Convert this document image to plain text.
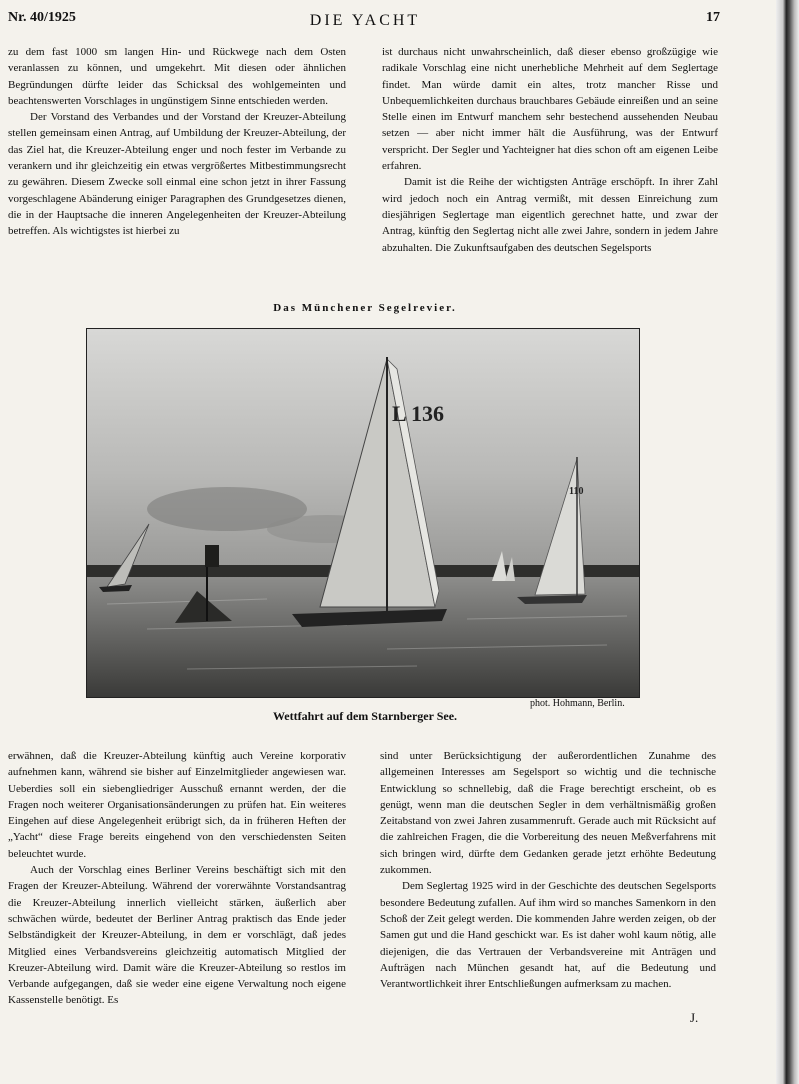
Nr. 40/1925	DIE YACHT	17

zu dem fast 1000 sm langen Hin- und Rückwege nach dem Osten veranlassen zu können, und umgekehrt. Mit diesen oder ähnlichen Begründungen dürfte leider das Schicksal des wohlgemeinten und beachtenswerten Vorschlages in ungünstigem Sinne entschieden werden.

Der Vorstand des Verbandes und der Vorstand der Kreuzer-Abteilung stellen gemeinsam einen Antrag, auf Umbildung der Kreuzer-Abteilung, der das Ziel hat, die Kreuzer-Abteilung enger und noch fester im Verbande zu verankern und ihr gleichzeitig ein etwas vergrößertes Mitbestimmungsrecht zu gewähren. Diesem Zwecke soll einmal eine schon jetzt in ihrer Fassung vorgeschlagene Abänderung einiger Paragraphen des Grundgesetzes dienen, die in der Hauptsache die inneren Angelegenheiten der Kreuzer-Abteilung betreffen. Als wichtigstes ist hierbei zu

ist durchaus nicht unwahrscheinlich, daß dieser ebenso großzügige wie radikale Vorschlag eine nicht unerhebliche Mehrheit auf dem Seglertage findet. Man würde damit ein altes, trotz mancher Risse und Unbequemlichkeiten durchaus brauchbares Gebäude einreißen und an seine Stelle einen im Entwurf manchem sehr bestechend aussehenden Neubau setzen — aber nicht immer hält die Ausführung, was der Entwurf verspricht. Der Segler und Yachteigner hat dies schon oft am eigenen Leibe erfahren.

Damit ist die Reihe der wichtigsten Anträge erschöpft. In ihrer Zahl wird jedoch noch ein Antrag vermißt, mit dessen Einreichung zum diesjährigen Seglertage man eigentlich gerechnet hatte, und zwar der Antrag, künftig den Seglertag nicht alle zwei Jahre, sondern in jedem Jahre abzuhalten. Die Zukunftsaufgaben des deutschen Segelsports

Das Münchener Segelrevier.
L 136
110
phot. Hohmann, Berlin.
Wettfahrt auf dem Starnberger See.

erwähnen, daß die Kreuzer-Abteilung künftig auch Vereine korporativ aufnehmen kann, während sie bisher auf Einzelmitglieder angewiesen war. Ueberdies soll ein siebengliedriger Ausschuß ernannt werden, der die Fragen noch weiterer Organisationsänderungen zu prüfen hat. Ein weiteres Eingehen auf diese Angelegenheit erübrigt sich, da in früheren Heften der „Yacht“ diese Frage bereits eingehend von den verschiedensten Seiten beleuchtet wurde.

Auch der Vorschlag eines Berliner Vereins beschäftigt sich mit den Fragen der Kreuzer-Abteilung. Während der vorerwähnte Vorstandsantrag die Kreuzer-Abteilung innerlich vielleicht stärken, äußerlich aber schwächen würde, bedeutet der Berliner Antrag praktisch das Ende jeder Selbständigkeit der Kreuzer-Abteilung, in dem er vorschlägt, daß jedes Mitglied eines Verbandsvereins gleichzeitig automatisch Mitglied der Kreuzer-Abteilung wird. Damit wäre die Kreuzer-Abteilung so restlos im Verbande aufgegangen, daß sie weder eine eigene Verwaltung noch eigene Kassenstelle benötigt. Es

sind unter Berücksichtigung der außerordentlichen Zunahme des allgemeinen Interesses am Segelsport so wichtig und die technische Entwicklung so schnellebig, daß die Frage berechtigt erscheint, ob es genügt, wenn man die deutschen Segler in dem verhältnismäßig großen Zeitabstand von zwei Jahren zusammenruft. Gerade auch mit Rücksicht auf die zahlreichen Fragen, die die Vorbereitung des neuen Meßverfahrens mit sich bringen wird, dürfte dem Gedanken gerade jetzt erhöhte Bedeutung zukommen.

Dem Seglertag 1925 wird in der Geschichte des deutschen Segelsports besondere Bedeutung zufallen. Auf ihm wird so manches Samenkorn in den Schoß der Zeit gelegt werden. Die kommenden Jahre werden zeigen, ob der Samen gut und die Hand geschickt war. Es ist daher wohl kaum nötig, alle diejenigen, die das Vertrauen der Verbandsvereine mit Anträgen und Aufträgen nach München gesandt hat, auf die Bedeutung und Verantwortlichkeit ihrer Entschließungen aufmerksam zu machen.

J.
